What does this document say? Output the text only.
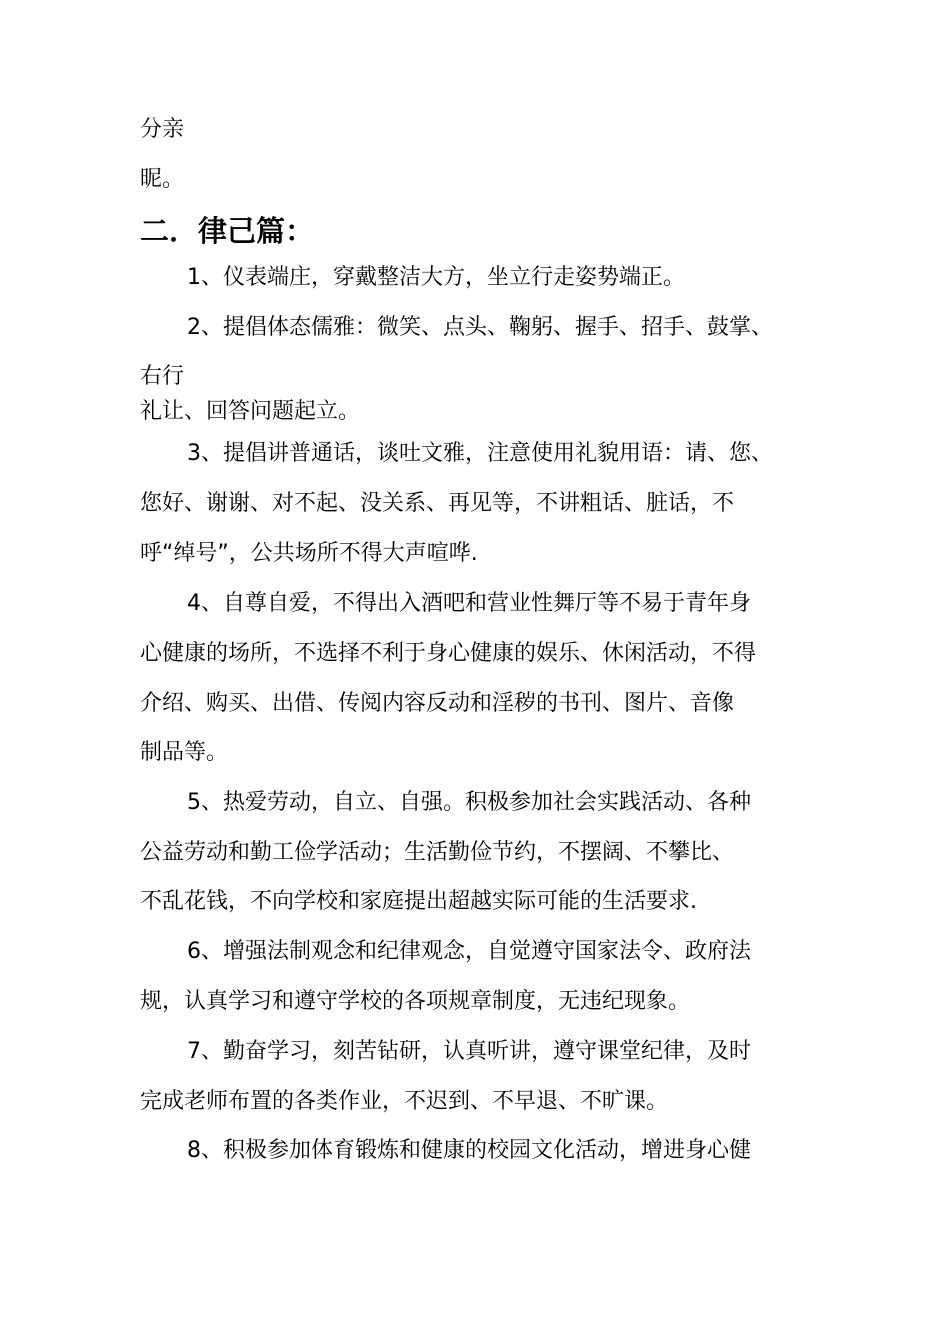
分亲
昵。
二．律己篇：
1、仪表端庄，穿戴整洁大方，坐立行走姿势端正。
2、提倡体态儒雅：微笑、点头、鞠躬、握手、招手、鼓掌、
右行
礼让、回答问题起立。
3、提倡讲普通话，谈吐文雅，注意使用礼貌用语：请、您、
您好、谢谢、对不起、没关系、再见等，不讲粗话、脏话，不
呼“绰号”，公共场所不得大声喧哗.
4、自尊自爱，不得出入酒吧和营业性舞厅等不易于青年身
心健康的场所，不选择不利于身心健康的娱乐、休闲活动，不得
介绍、购买、出借、传阅内容反动和淫秽的书刊、图片、音像
制品等。
5、热爱劳动，自立、自强。积极参加社会实践活动、各种
公益劳动和勤工俭学活动；生活勤俭节约，不摆阔、不攀比、
不乱花钱，不向学校和家庭提出超越实际可能的生活要求.
6、增强法制观念和纪律观念，自觉遵守国家法令、政府法
规，认真学习和遵守学校的各项规章制度，无违纪现象。
7、勤奋学习，刻苦钻研，认真听讲，遵守课堂纪律，及时
完成老师布置的各类作业，不迟到、不早退、不旷课。
8、积极参加体育锻炼和健康的校园文化活动，增进身心健
